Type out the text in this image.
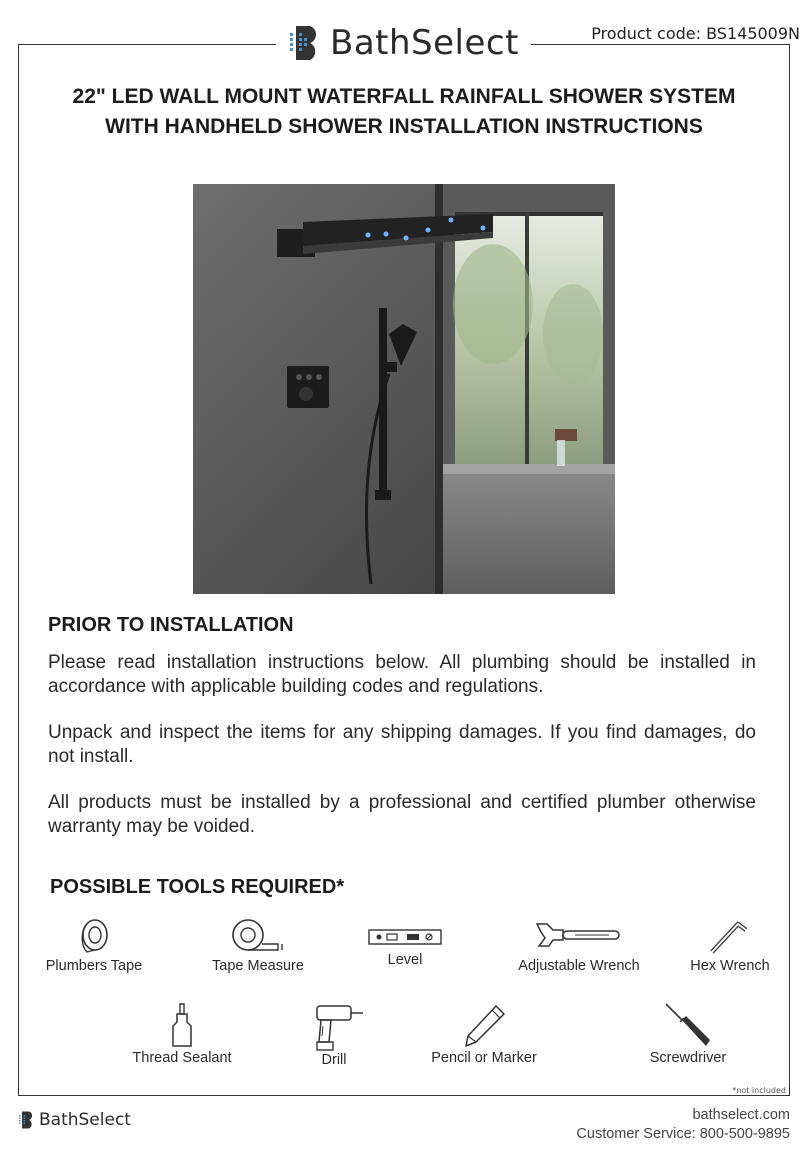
BathSelect	Product code: BS145009N
22" LED WALL MOUNT WATERFALL RAINFALL SHOWER SYSTEM
WITH HANDHELD SHOWER INSTALLATION INSTRUCTIONS
PRIOR TO INSTALLATION
Please read installation instructions below. All plumbing should be installed in accordance with applicable building codes and regulations.
Unpack and inspect the items for any shipping damages. If you find damages, do not install.
All products must be installed by a professional and certified plumber otherwise warranty may be voided.
POSSIBLE TOOLS REQUIRED*
Plumbers Tape	Tape Measure	Level	Adjustable Wrench	Hex Wrench
Thread Sealant	Drill	Pencil or Marker	Screwdriver
*not included
BathSelect	bathselect.com
Customer Service: 800-500-9895
